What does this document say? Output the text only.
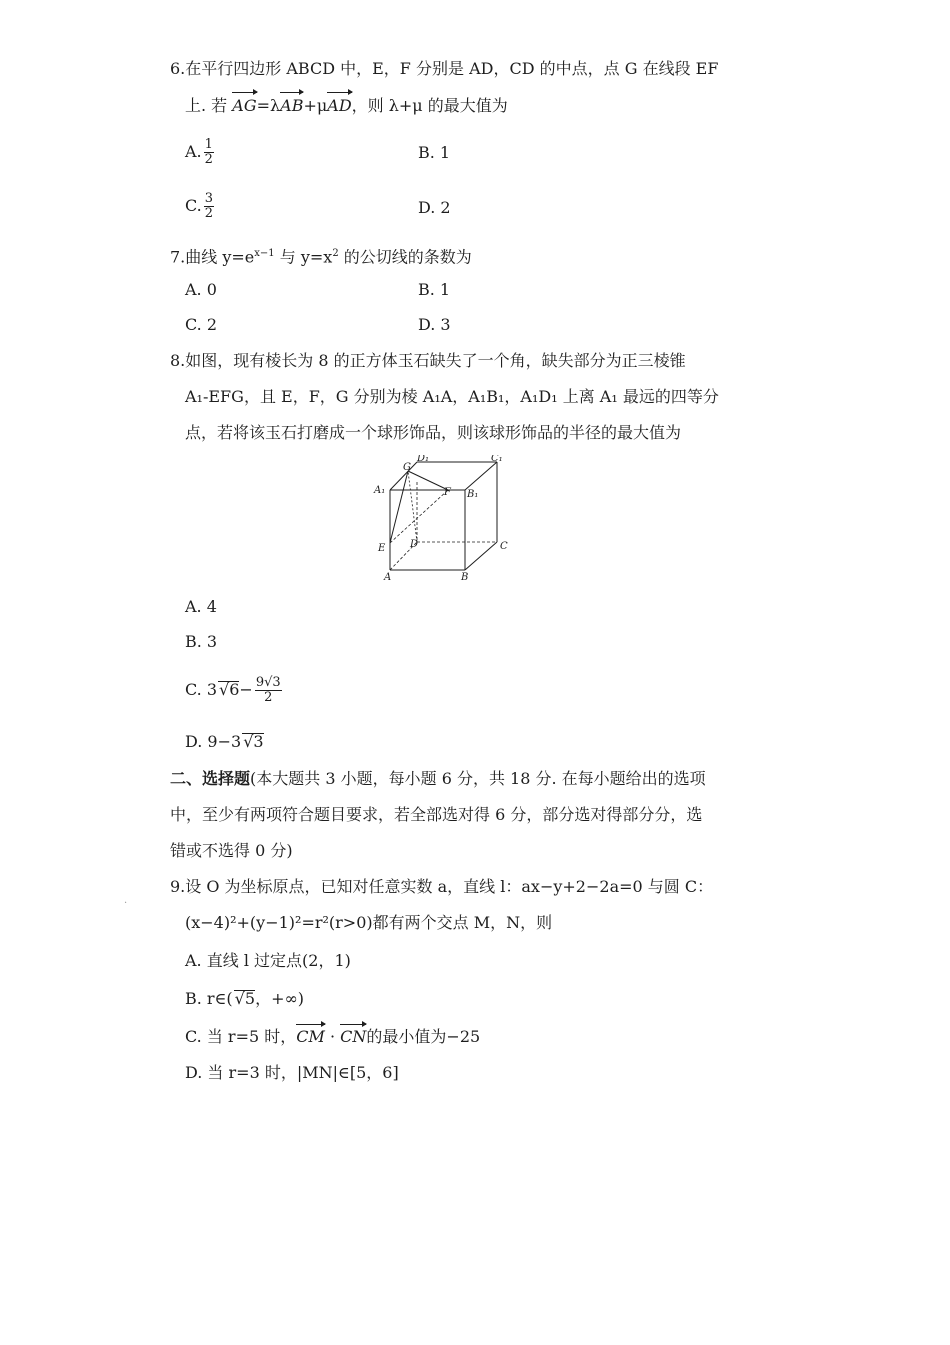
6.在平行四边形 ABCD 中，E，F 分别是 AD，CD 的中点，点 G 在线段 EF
上. 若 AG=λAB+μAD，则 λ+μ 的最大值为
A. $\frac{1}{2}$	B. 1
C. $\frac{3}{2}$	D. 2
7.曲线 $y=e^{x-1}$ 与 $y=x^2$ 的公切线的条数为
A. 0	B. 1
C. 2	D. 3
8.如图，现有棱长为 8 的正方体玉石缺失了一个角，缺失部分为正三棱锥
A₁-EFG，且 E，F，G 分别为棱 A₁A，A₁B₁，A₁D₁ 上离 A₁ 最远的四等分
点，若将该玉石打磨成一个球形饰品，则该球形饰品的半径的最大值为
G
D₁	C₁
A₁	F B₁
E D	C
A	B
A. 4
B. 3
C. 3 $√6- \frac{9√3}{2}$
D. 9−3 √3
二、选择题(本大题共 3 小题，每小题 6 分，共 18 分. 在每小题给出的选项
中，至少有两项符合题目要求，若全部选对得 6 分，部分选对得部分分，选
错或不选得 0 分)
9.设 O 为坐标原点，已知对任意实数 a，直线 l：ax−y+2−2a=0 与圆 C：
(x−4)²+(y−1)²=r²(r>0)都有两个交点 M，N，则
A. 直线 l 过定点(2，1)
B. r∈( √5，+∞)
C. 当 r=5 时，CM · CN的最小值为−25
D. 当 r=3 时，|MN|∈[5，6]
.
